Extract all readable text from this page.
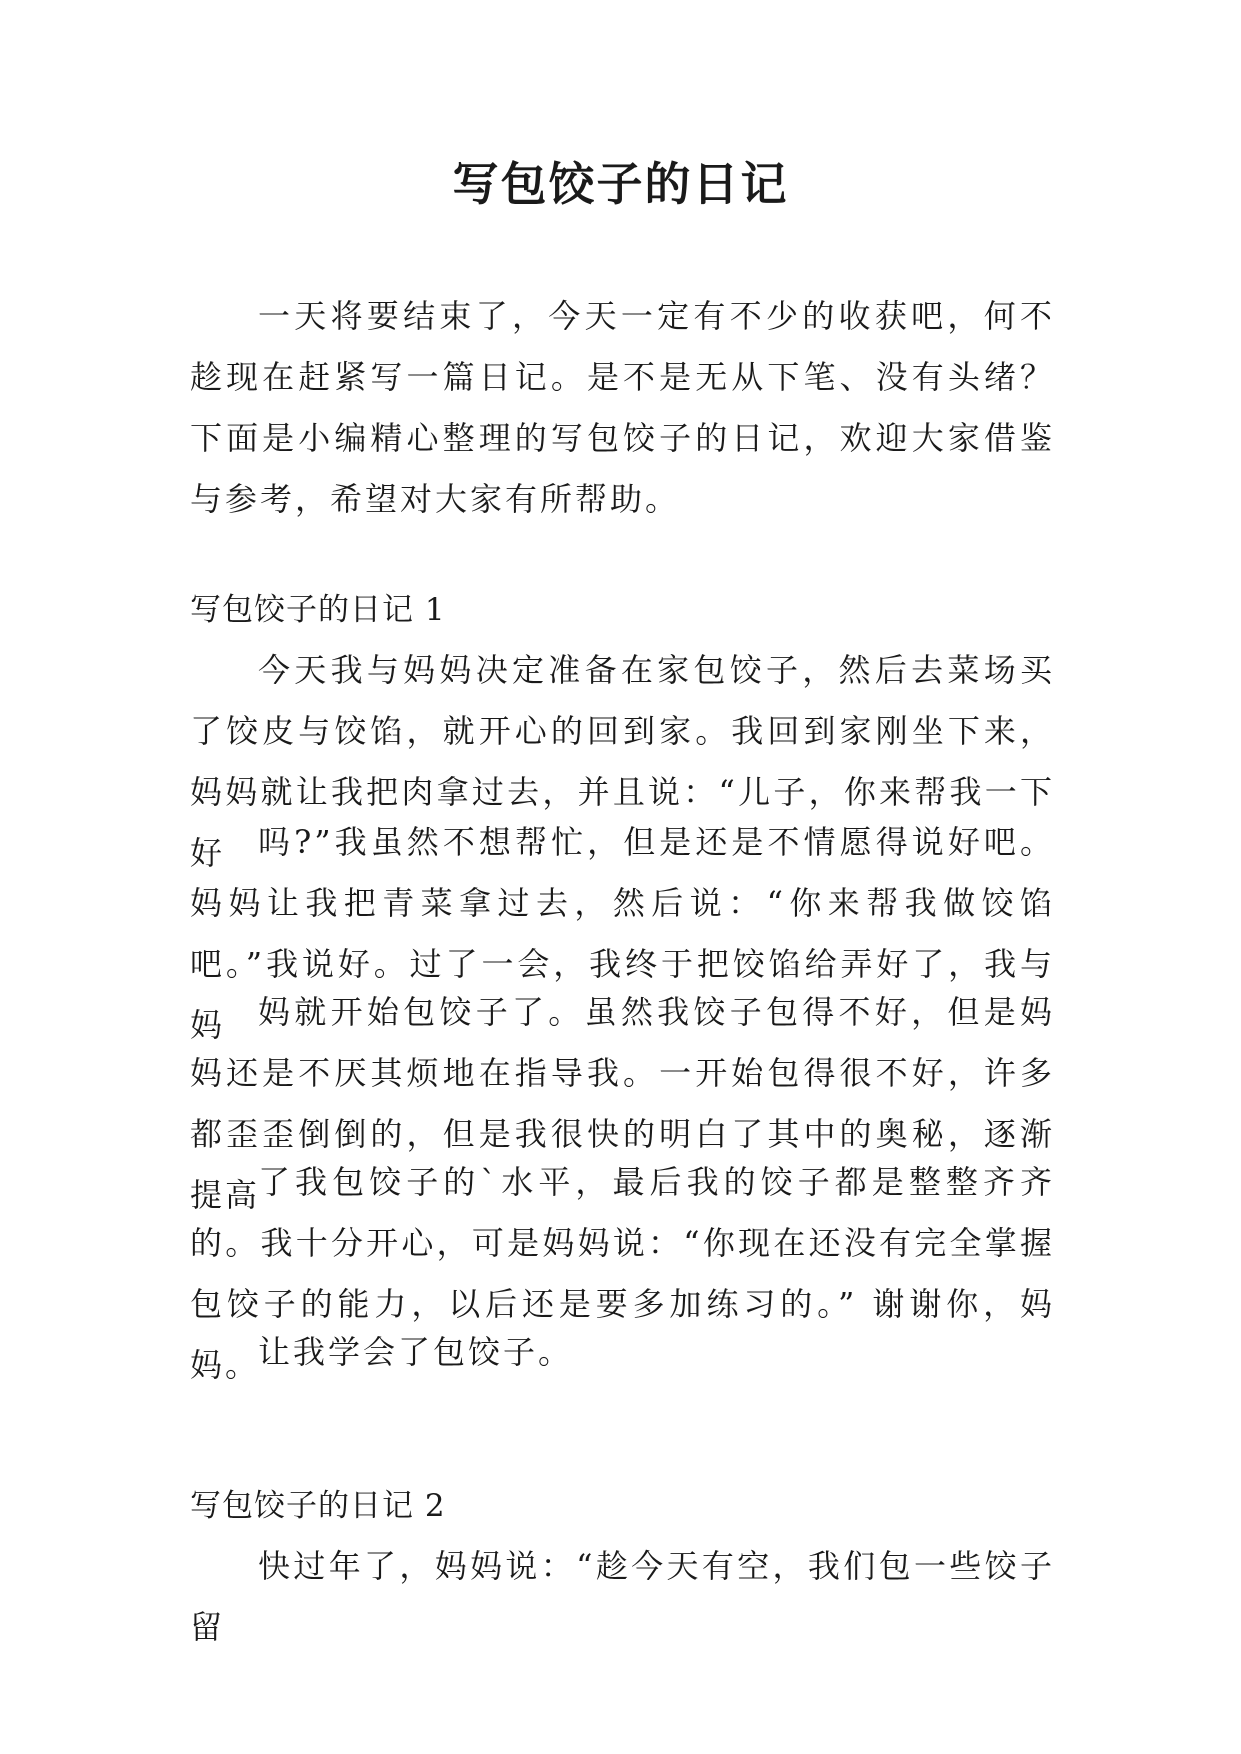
写包饺子的日记

一天将要结束了，今天一定有不少的收获吧，何不趁现在赶紧写一篇日记。是不是无从下笔、没有头绪？下面是小编精心整理的写包饺子的日记，欢迎大家借鉴与参考，希望对大家有所帮助。

写包饺子的日记 1

今天我与妈妈决定准备在家包饺子，然后去菜场买了饺皮与饺馅，就开心的回到家。我回到家刚坐下来，妈妈就让我把肉拿过去，并且说：“儿子，你来帮我一下好	吗?”我虽然不想帮忙，但是还是不情愿得说好吧。妈妈让我把青菜拿过去，然后说：“你来帮我做饺馅吧。”我说好。过了一会，我终于把饺馅给弄好了，我与妈	妈就开始包饺子了。虽然我饺子包得不好，但是妈妈还是不厌其烦地在指导我。一开始包得很不好，许多都歪歪倒倒的，但是我很快的明白了其中的奥秘，逐渐提高

了我包饺子的`水平，最后我的饺子都是整整齐齐的。我十分开心，可是妈妈说：“你现在还没有完全掌握包饺子的能力，以后还是要多加练习的。” 谢谢你，妈妈。

让我学会了包饺子。

写包饺子的日记 2

快过年了，妈妈说：“趁今天有空，我们包一些饺子留
